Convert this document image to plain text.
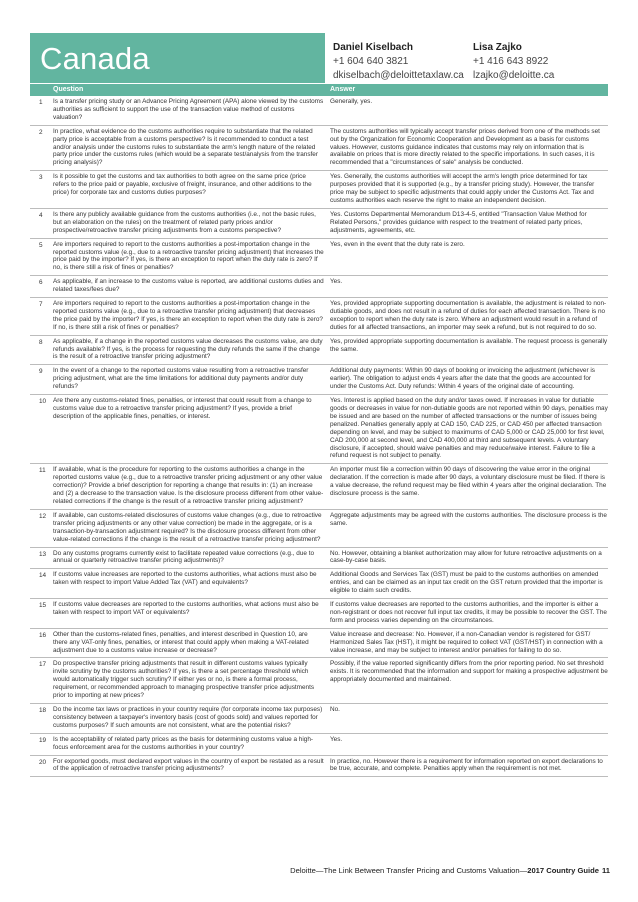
Canada	Daniel Kiselbach
+1 604 640 3821
dkiselbach@deloittetaxlaw.ca
Lisa Zajko
+1 416 643 8922
lzajko@deloitte.ca
Question	Answer
1	Is a transfer pricing study or an Advance Pricing Agreement (APA) alone viewed by the customs authorities as sufficient to support the use of the transaction value method of customs valuation?
Generally, yes.
2	In practice, what evidence do the customs authorities require to substantiate that the related party price is acceptable from a customs perspective? Is it recommended to conduct a test and/or analysis under the customs rules to substantiate the arm's length nature of the related party price under the customs rules (which would be a separate test/analysis from the transfer pricing analysis)?
The customs authorities will typically accept transfer prices derived from one of the methods set out by the Organization for Economic Cooperation and Development as a basis for customs values. However, customs guidance indicates that customs may rely on information that is available on prices that is more directly related to the specific importations. In such cases, it is recommended that a "circumstances of sale" analysis be conducted.
3	Is it possible to get the customs and tax authorities to both agree on the same price (price refers to the price paid or payable, exclusive of freight, insurance, and other additions to the price) for corporate tax and customs duties purposes?
Yes. Generally, the customs authorities will accept the arm's length price determined for tax purposes provided that it is supported (e.g., by a transfer pricing study). However, the transfer price may be subject to specific adjustments that could apply under the Customs Act. Tax and customs authorities each reserve the right to make an independent decision.
4	Is there any publicly available guidance from the customs authorities (i.e., not the basic rules, but an elaboration on the rules) on the treatment of related party prices and/or prospective/retroactive transfer pricing adjustments from a customs perspective?
Yes. Customs Departmental Memorandum D13-4-5, entitled "Transaction Value Method for Related Persons," provides guidance with respect to the treatment of related party prices, adjustments, agreements, etc.
5	Are importers required to report to the customs authorities a post-importation change in the reported customs value (e.g., due to a retroactive transfer pricing adjustment) that increases the price paid by the importer? If yes, is there an exception to report when the duty rate is zero? If no, is there still a risk of fines or penalties?
Yes, even in the event that the duty rate is zero.
6	As applicable, if an increase to the customs value is reported, are additional customs duties and related taxes/fees due?
Yes.
7	Are importers required to report to the customs authorities a post-importation change in the reported customs value (e.g., due to a retroactive transfer pricing adjustment) that decreases the price paid by the importer? If yes, is there an exception to report when the duty rate is zero? If no, is there still a risk of fines or penalties?
Yes, provided appropriate supporting documentation is available, the adjustment is related to non-dutiable goods, and does not result in a refund of duties for each affected transaction. There is no exception to report when the duty rate is zero. Where an adjustment would result in a refund of duties for all affected transactions, an importer may seek a refund, but is not required to do so.
8	As applicable, if a change in the reported customs value decreases the customs value, are duty refunds available? If yes, is the process for requesting the duty refunds the same if the change is the result of a retroactive transfer pricing adjustment?
Yes, provided appropriate supporting documentation is available. The request process is generally the same.
9	In the event of a change to the reported customs value resulting from a retroactive transfer pricing adjustment, what are the time limitations for additional duty payments and/or duty refunds?
Additional duty payments: Within 90 days of booking or invoicing the adjustment (whichever is earlier). The obligation to adjust ends 4 years after the date that the goods are accounted for under the Customs Act. Duty refunds: Within 4 years of the original date of accounting.
10	Are there any customs-related fines, penalties, or interest that could result from a change to customs value due to a retroactive transfer pricing adjustment? If yes, provide a brief description of the applicable fines, penalties, or interest.
Yes. Interest is applied based on the duty and/or taxes owed. If increases in value for dutiable goods or decreases in value for non-dutiable goods are not reported within 90 days, penalties may be issued and are based on the number of affected transactions or the number of issues being penalized. Penalties generally apply at CAD 150, CAD 225, or CAD 450 per affected transaction depending on level, and may be subject to maximums of CAD 5,000 or CAD 25,000 for first level, CAD 200,000 at second level, and CAD 400,000 at third and subsequent levels. A voluntary disclosure, if accepted, should waive penalties and may reduce/waive interest. Failure to file a refund request is not subject to penalty.
11	If available, what is the procedure for reporting to the customs authorities a change in the reported customs value (e.g., due to a retroactive transfer pricing adjustment or any other value correction)? Provide a brief description for reporting a change that results in: (1) an increase and (2) a decrease to the transaction value. Is the disclosure process different from other value-related corrections if the change is the result of a retroactive transfer pricing adjustment?
An importer must file a correction within 90 days of discovering the value error in the original declaration. If the correction is made after 90 days, a voluntary disclosure must be filed. If there is a value decrease, the refund request may be filed within 4 years after the original declaration. The disclosure process is the same.
12	If available, can customs-related disclosures of customs value changes (e.g., due to retroactive transfer pricing adjustments or any other value correction) be made in the aggregate, or is a transaction-by-transaction adjustment required? Is the disclosure process different from other value-related corrections if the change is the result of a retroactive transfer pricing adjustment?
Aggregate adjustments may be agreed with the customs authorities. The disclosure process is the same.
13	Do any customs programs currently exist to facilitate repeated value corrections (e.g., due to annual or quarterly retroactive transfer pricing adjustments)?
No. However, obtaining a blanket authorization may allow for future retroactive adjustments on a case-by-case basis.
14	If customs value increases are reported to the customs authorities, what actions must also be taken with respect to import Value Added Tax (VAT) and equivalents?
Additional Goods and Services Tax (GST) must be paid to the customs authorities on amended entries, and can be claimed as an input tax credit on the GST return provided that the importer is eligible to claim such credits.
15	If customs value decreases are reported to the customs authorities, what actions must also be taken with respect to import VAT or equivalents?
If customs value decreases are reported to the customs authorities, and the importer is either a non-registrant or does not recover full input tax credits, it may be possible to recover the GST. The form and process varies depending on the circumstances.
16	Other than the customs-related fines, penalties, and interest described in Question 10, are there any VAT-only fines, penalties, or interest that could apply when making a VAT-related adjustment due to a customs value increase or decrease?
Value increase and decrease: No. However, if a non-Canadian vendor is registered for GST/ Harmonized Sales Tax (HST), it might be required to collect VAT (GST/HST) in connection with a value increase, and may be subject to interest and/or penalties for failing to do so.
17	Do prospective transfer pricing adjustments that result in different customs values typically invite scrutiny by the customs authorities? If yes, is there a set percentage threshold which would automatically trigger such scrutiny? If either yes or no, is there a formal process, requirement, or recommended approach to managing prospective transfer price adjustments prior to importing at new prices?
Possibly, if the value reported significantly differs from the prior reporting period. No set threshold exists. It is recommended that the information and support for making a prospective adjustment be appropriately documented and maintained.
18	Do the income tax laws or practices in your country require (for corporate income tax purposes) consistency between a taxpayer's inventory basis (cost of goods sold) and values reported for customs purposes? If such amounts are not consistent, what are the potential risks?
No.
19	Is the acceptability of related party prices as the basis for determining customs value a high-focus enforcement area for the customs authorities in your country?
Yes.
20	For exported goods, must declared export values in the country of export be restated as a result of the application of retroactive transfer pricing adjustments?
In practice, no. However there is a requirement for information reported on export declarations to be true, accurate, and complete. Penalties apply when the requirement is not met.
Deloitte—The Link Between Transfer Pricing and Customs Valuation—2017 Country Guide 11
